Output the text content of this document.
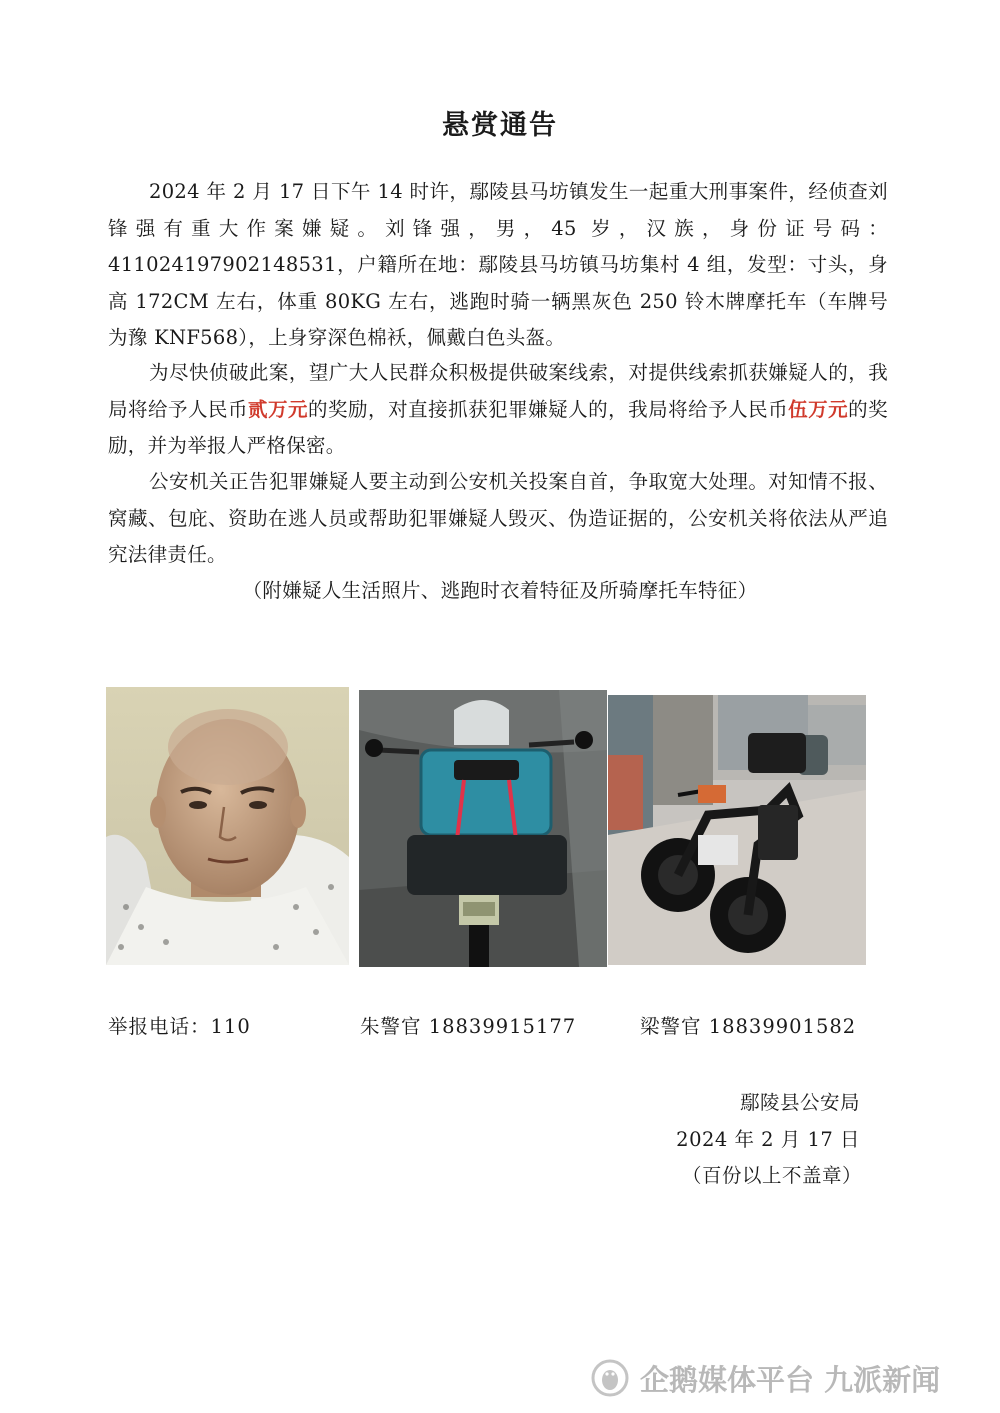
悬赏通告

2024 年 2 月 17 日下午 14 时许，鄢陵县马坊镇发生一起重大刑事案件，经侦查刘锋强有重大作案嫌疑。刘锋强，男，45 岁，汉族，身份证号码：411024197902148531，户籍所在地：鄢陵县马坊镇马坊集村 4 组，发型：寸头，身高 172CM 左右，体重 80KG 左右，逃跑时骑一辆黑灰色 250 铃木牌摩托车（车牌号为豫 KNF568），上身穿深色棉袄，佩戴白色头盔。

为尽快侦破此案，望广大人民群众积极提供破案线索，对提供线索抓获嫌疑人的，我局将给予人民币贰万元的奖励，对直接抓获犯罪嫌疑人的，我局将给予人民币伍万元的奖励，并为举报人严格保密。

公安机关正告犯罪嫌疑人要主动到公安机关投案自首，争取宽大处理。对知情不报、窝藏、包庇、资助在逃人员或帮助犯罪嫌疑人毁灭、伪造证据的，公安机关将依法从严追究法律责任。

（附嫌疑人生活照片、逃跑时衣着特征及所骑摩托车特征）
举报电话：110	朱警官 18839915177	梁警官 18839901582
鄢陵县公安局
2024 年 2 月 17 日
（百份以上不盖章）
企鹅媒体平台 九派新闻
